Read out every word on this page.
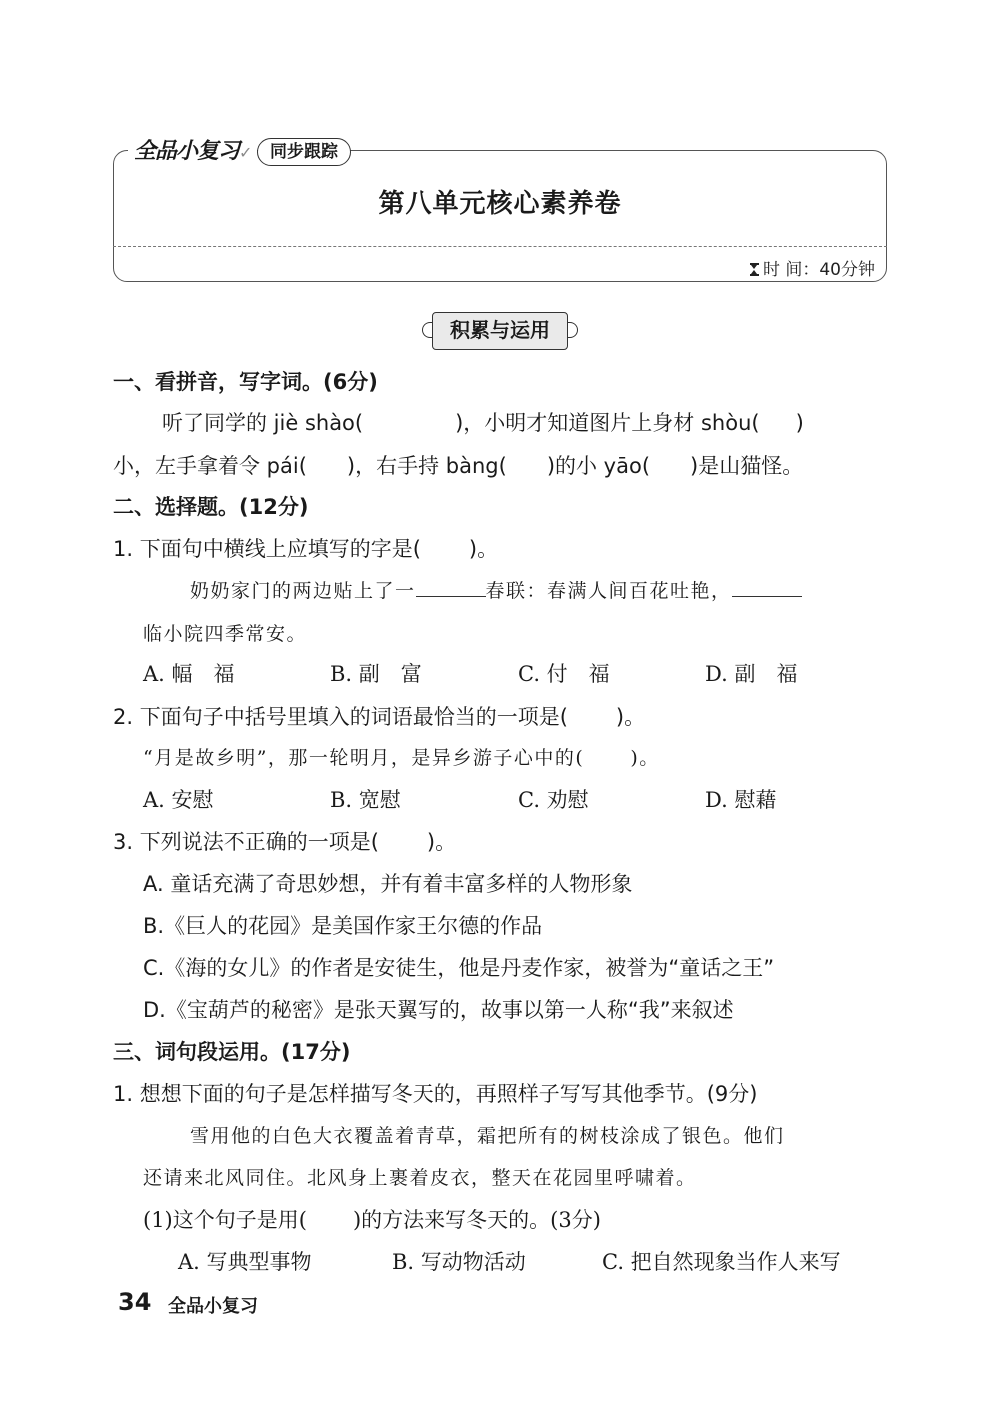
全品小复习✓	同步跟踪
第八单元核心素养卷
时 间：40分钟
积累与运用
一、看拼音，写字词。(6分)
听了同学的 jiè shào(	)，小明才知道图片上身材 shòu( )
小，左手拿着令 pái( )，右手持 bàng( )的小 yāo( )是山猫怪。
二、选择题。(12分)
1. 下面句中横线上应填写的字是( )。
奶奶家门的两边贴上了一	春联：春满人间百花吐艳，
临小院四季常安。
A. 幅　福	B. 副　富	C. 付　福	D. 副　福
2. 下面句子中括号里填入的词语最恰当的一项是( )。
“月是故乡明”，那一轮明月，是异乡游子心中的( )。
A. 安慰	B. 宽慰	C. 劝慰	D. 慰藉
3. 下列说法不正确的一项是( )。
A. 童话充满了奇思妙想，并有着丰富多样的人物形象
B.《巨人的花园》是美国作家王尔德的作品
C.《海的女儿》的作者是安徒生，他是丹麦作家，被誉为“童话之王”
D.《宝葫芦的秘密》是张天翼写的，故事以第一人称“我”来叙述
三、词句段运用。(17分)
1. 想想下面的句子是怎样描写冬天的，再照样子写写其他季节。(9分)
雪用他的白色大衣覆盖着青草，霜把所有的树枝涂成了银色。他们
还请来北风同住。北风身上裹着皮衣，整天在花园里呼啸着。
(1)这个句子是用( )的方法来写冬天的。(3分)
A. 写典型事物	B. 写动物活动	C. 把自然现象当作人来写
34 全品小复习
